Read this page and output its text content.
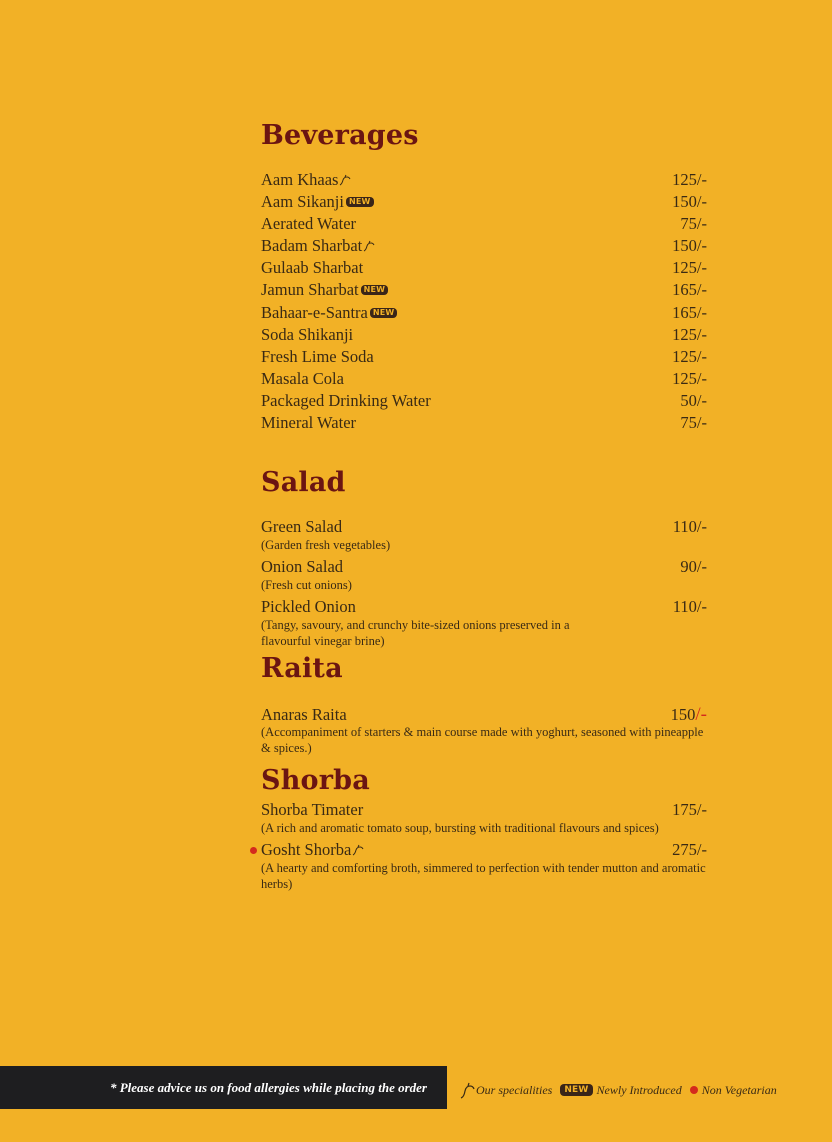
Beverages
Aam Khaas	125/-
Aam Sikanji NEW	150/-
Aerated Water	75/-
Badam Sharbat	150/-
Gulaab Sharbat	125/-
Jamun Sharbat NEW	165/-
Bahaar-e-Santra NEW	165/-
Soda Shikanji	125/-
Fresh Lime Soda	125/-
Masala Cola	125/-
Packaged Drinking Water	50/-
Mineral Water	75/-
Salad
Green Salad	110/-
(Garden fresh vegetables)
Onion Salad	90/-
(Fresh cut onions)
Pickled Onion	110/-
(Tangy, savoury, and crunchy bite-sized onions preserved in a flavourful vinegar brine)
Raita
Anaras Raita	150/-
(Accompaniment of starters & main course made with yoghurt, seasoned with pineapple & spices.)
Shorba
Shorba Timater	175/-
(A rich and aromatic tomato soup, bursting with traditional flavours and spices)
Gosht Shorba	275/-
(A hearty and comforting broth, simmered to perfection with tender mutton and aromatic herbs)
* Please advice us on food allergies while placing the order	Our specialities	NEW Newly Introduced Non Vegetarian
